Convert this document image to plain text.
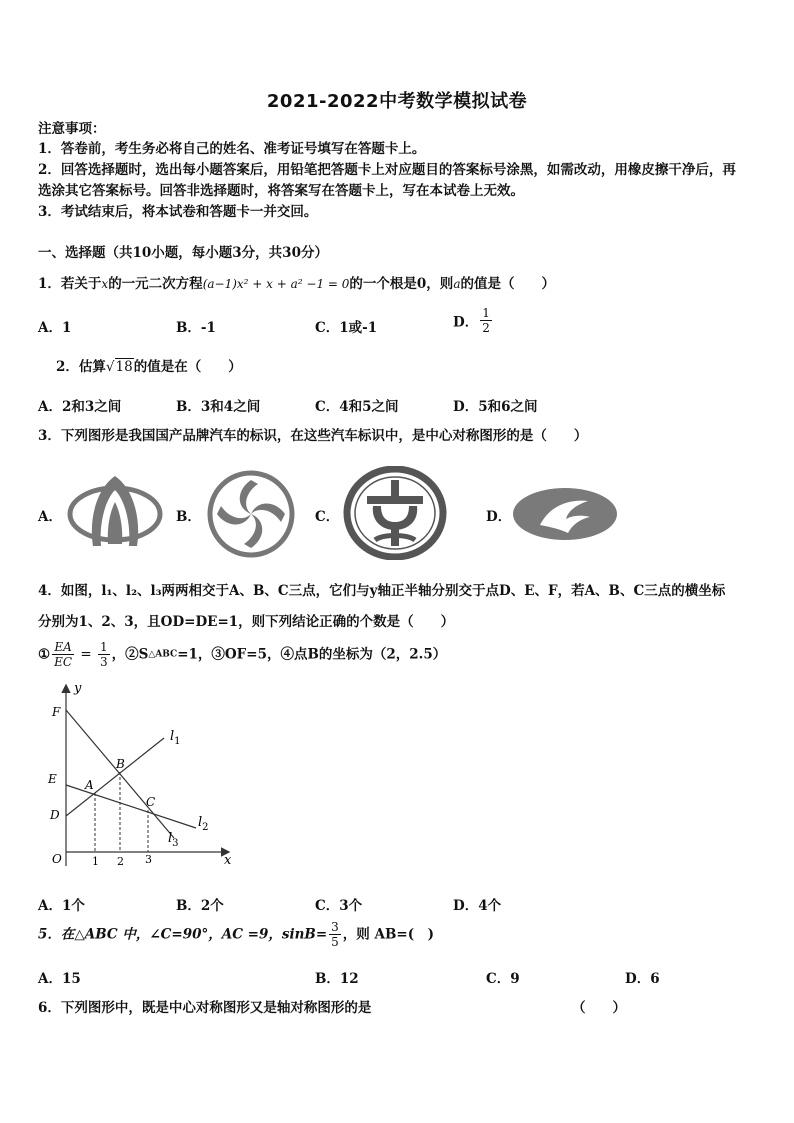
2021-2022中考数学模拟试卷
注意事项：
1．答卷前，考生务必将自己的姓名、准考证号填写在答题卡上。
2．回答选择题时，选出每小题答案后，用铅笔把答题卡上对应题目的答案标号涂黑，如需改动，用橡皮擦干净后，再
选涂其它答案标号。回答非选择题时，将答案写在答题卡上，写在本试卷上无效。
3．考试结束后，将本试卷和答题卡一并交回。
一、选择题（共10小题，每小题3分，共30分）
1．若关于x的一元二次方程(a−1)x² + x + a² −1 = 0的一个根是0，则a的值是（　　）
A．1	B．-1	C．1或-1	D． $\frac{1}{2}$
2．估算√18的值是在（　　）
A．2和3之间	B．3和4之间	C．4和5之间	D．5和6之间
3．下列图形是我国国产品牌汽车的标识，在这些汽车标识中，是中心对称图形的是（　　）
A．	B．	C．	D．
4．如图，l₁、l₂、l₃两两相交于A、B、C三点，它们与y轴正半轴分别交于点D、E、F，若A、B、C三点的横坐标
分别为1、2、3，且OD=DE=1，则下列结论正确的个数是（　　）
① $\frac{EA}{EC} = \frac{1}{3}$ ，②S△ABC=1，③OF=5，④点B的坐标为（2，2.5）
y
x
O
F
E
D
A
B
C
$l_1$
$l_2$
$l_3$
1 2 3
A．1个	B．2个	C．3个	D．4个
5．在△ABC 中，∠C=90°，AC =9，$\sin B= \frac{3}{5}$ ，则 AB=(　)
A．15	B．12	C．9	D．6
6．下列图形中，既是中心对称图形又是轴对称图形的是	（　　）
